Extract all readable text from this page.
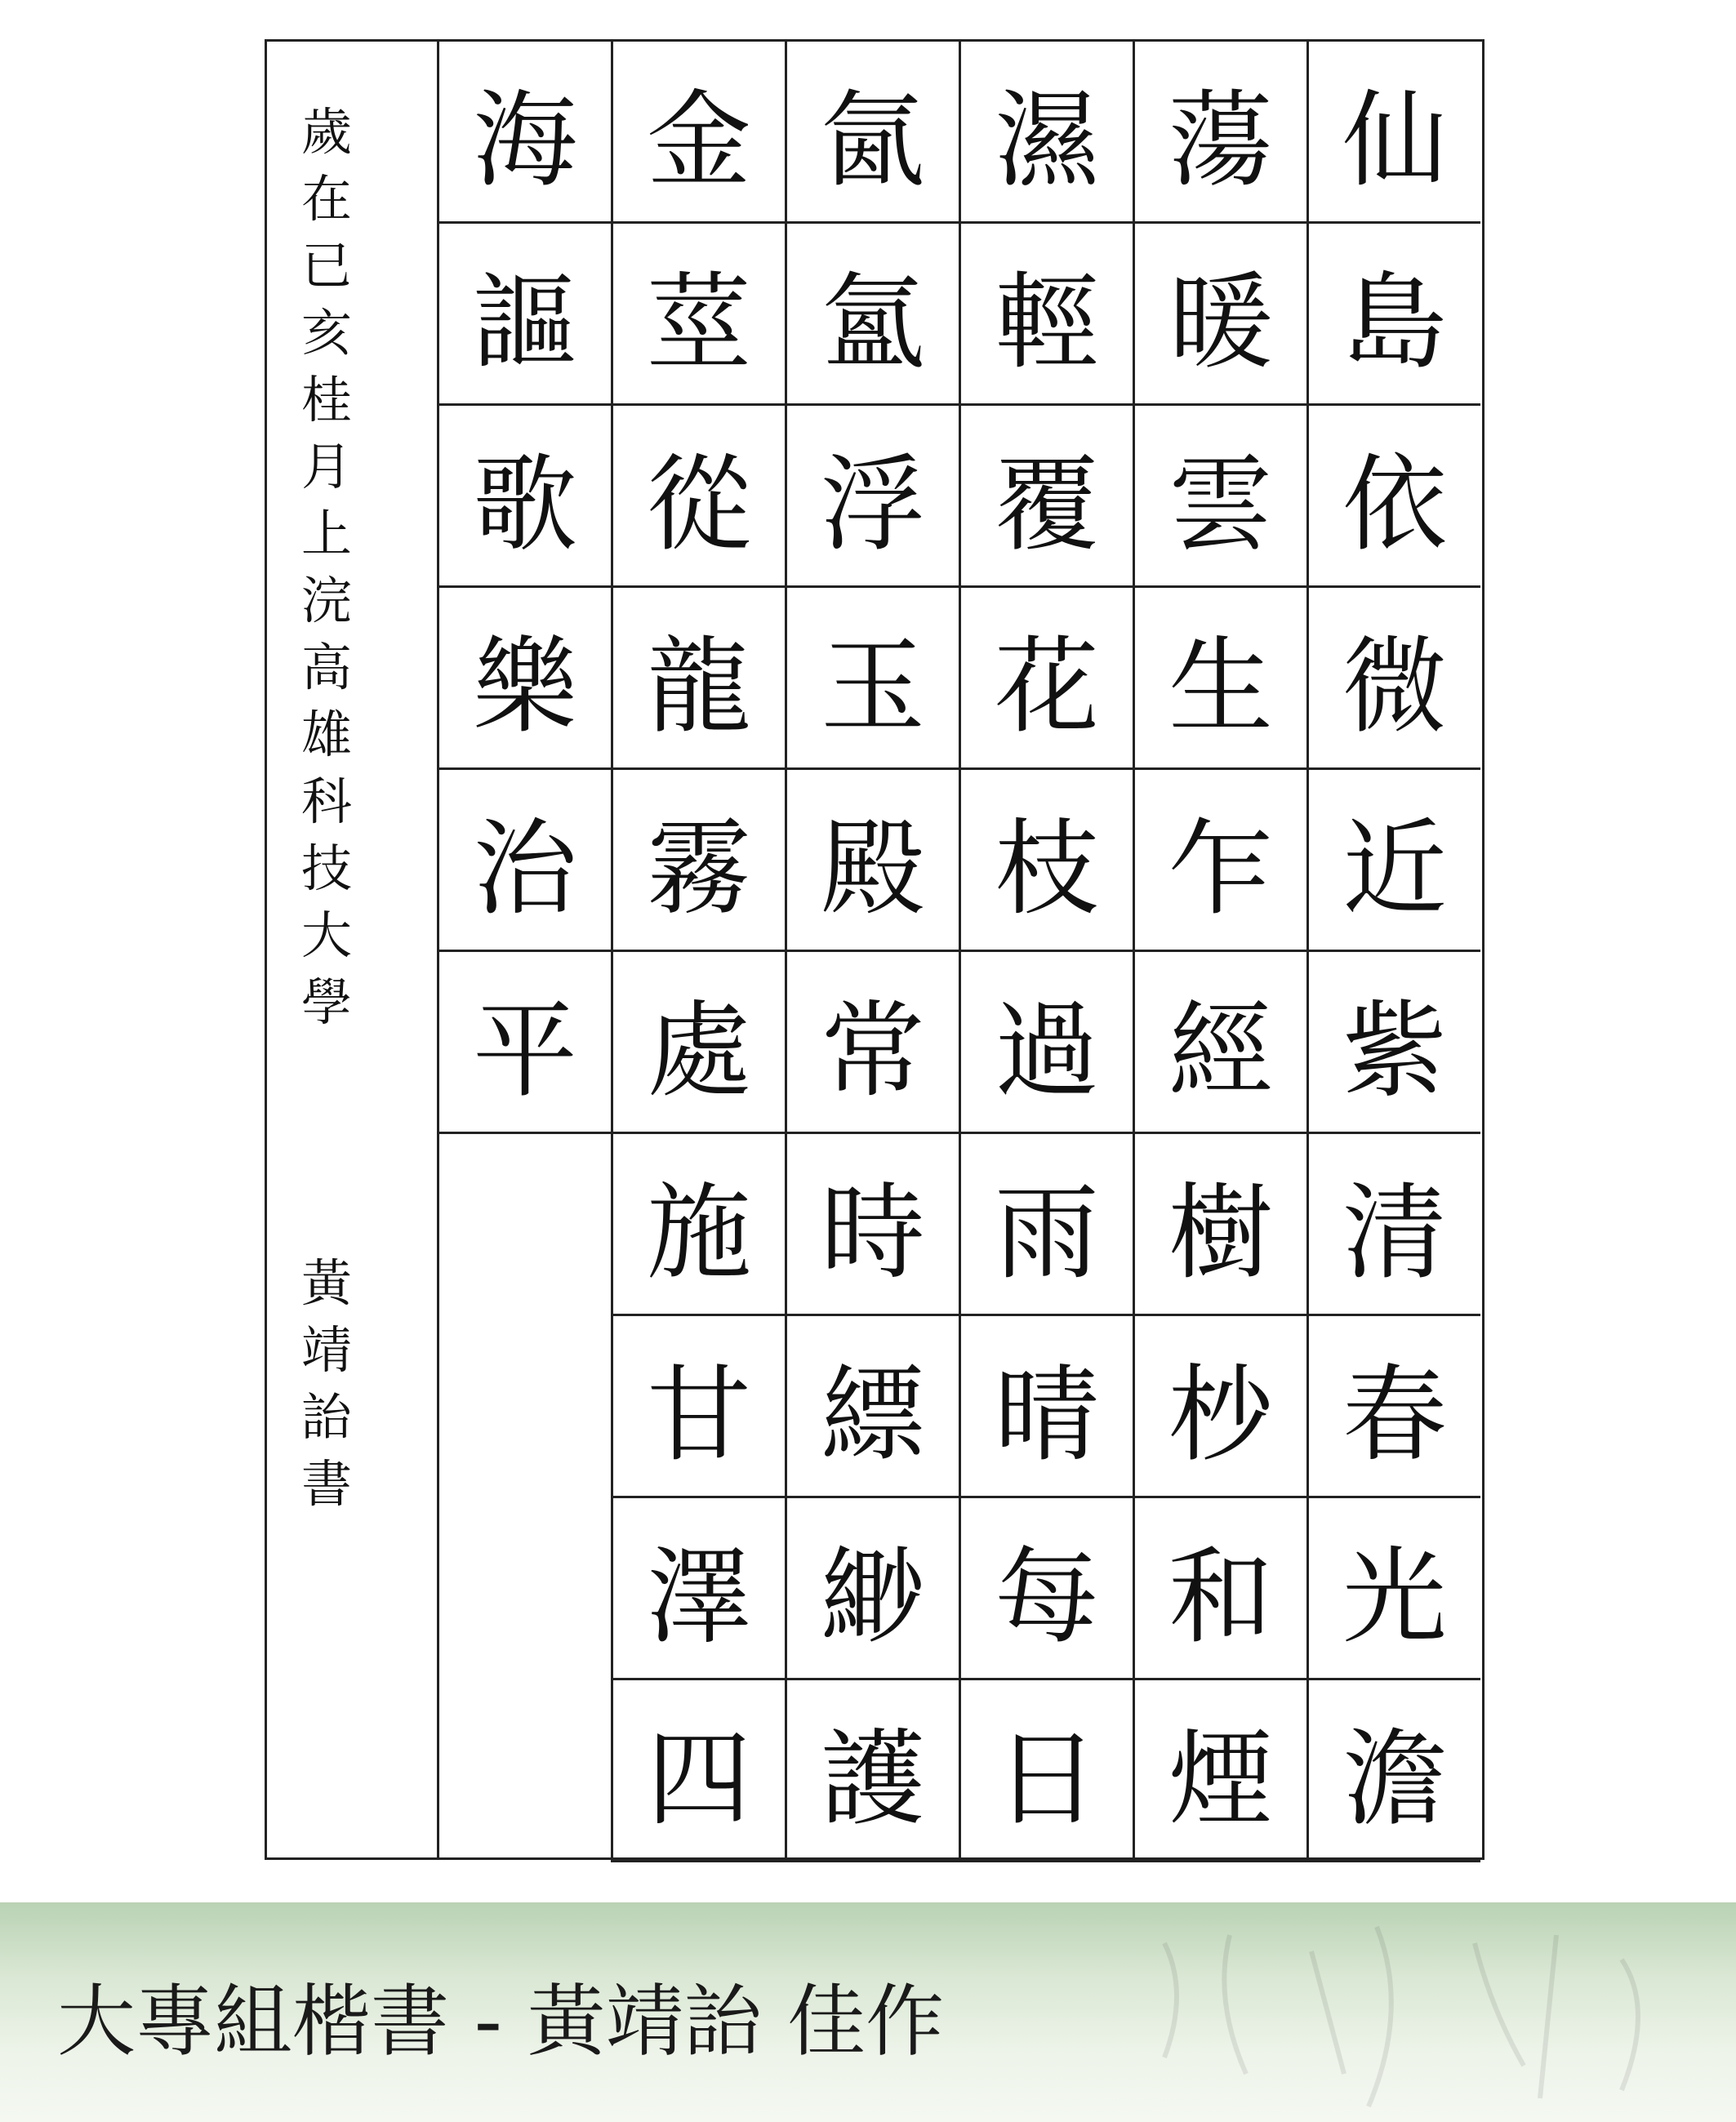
歲
在
已
亥
桂
月
上
浣
高
雄
科
技
大
學
黃
靖
詒
書
仙
島
依
微
近
紫
清
春
光
澹
蕩
暖
雲
生
乍
經
樹
杪
和
煙
濕
輕
覆
花
枝
過
雨
晴
每
日
氤
氳
浮
玉
殿
常
時
縹
緲
護
金
莖
從
龍
霧
處
施
甘
澤
四
海
謳
歌
樂
治
平
大專組楷書 - 黃靖詒 佳作
